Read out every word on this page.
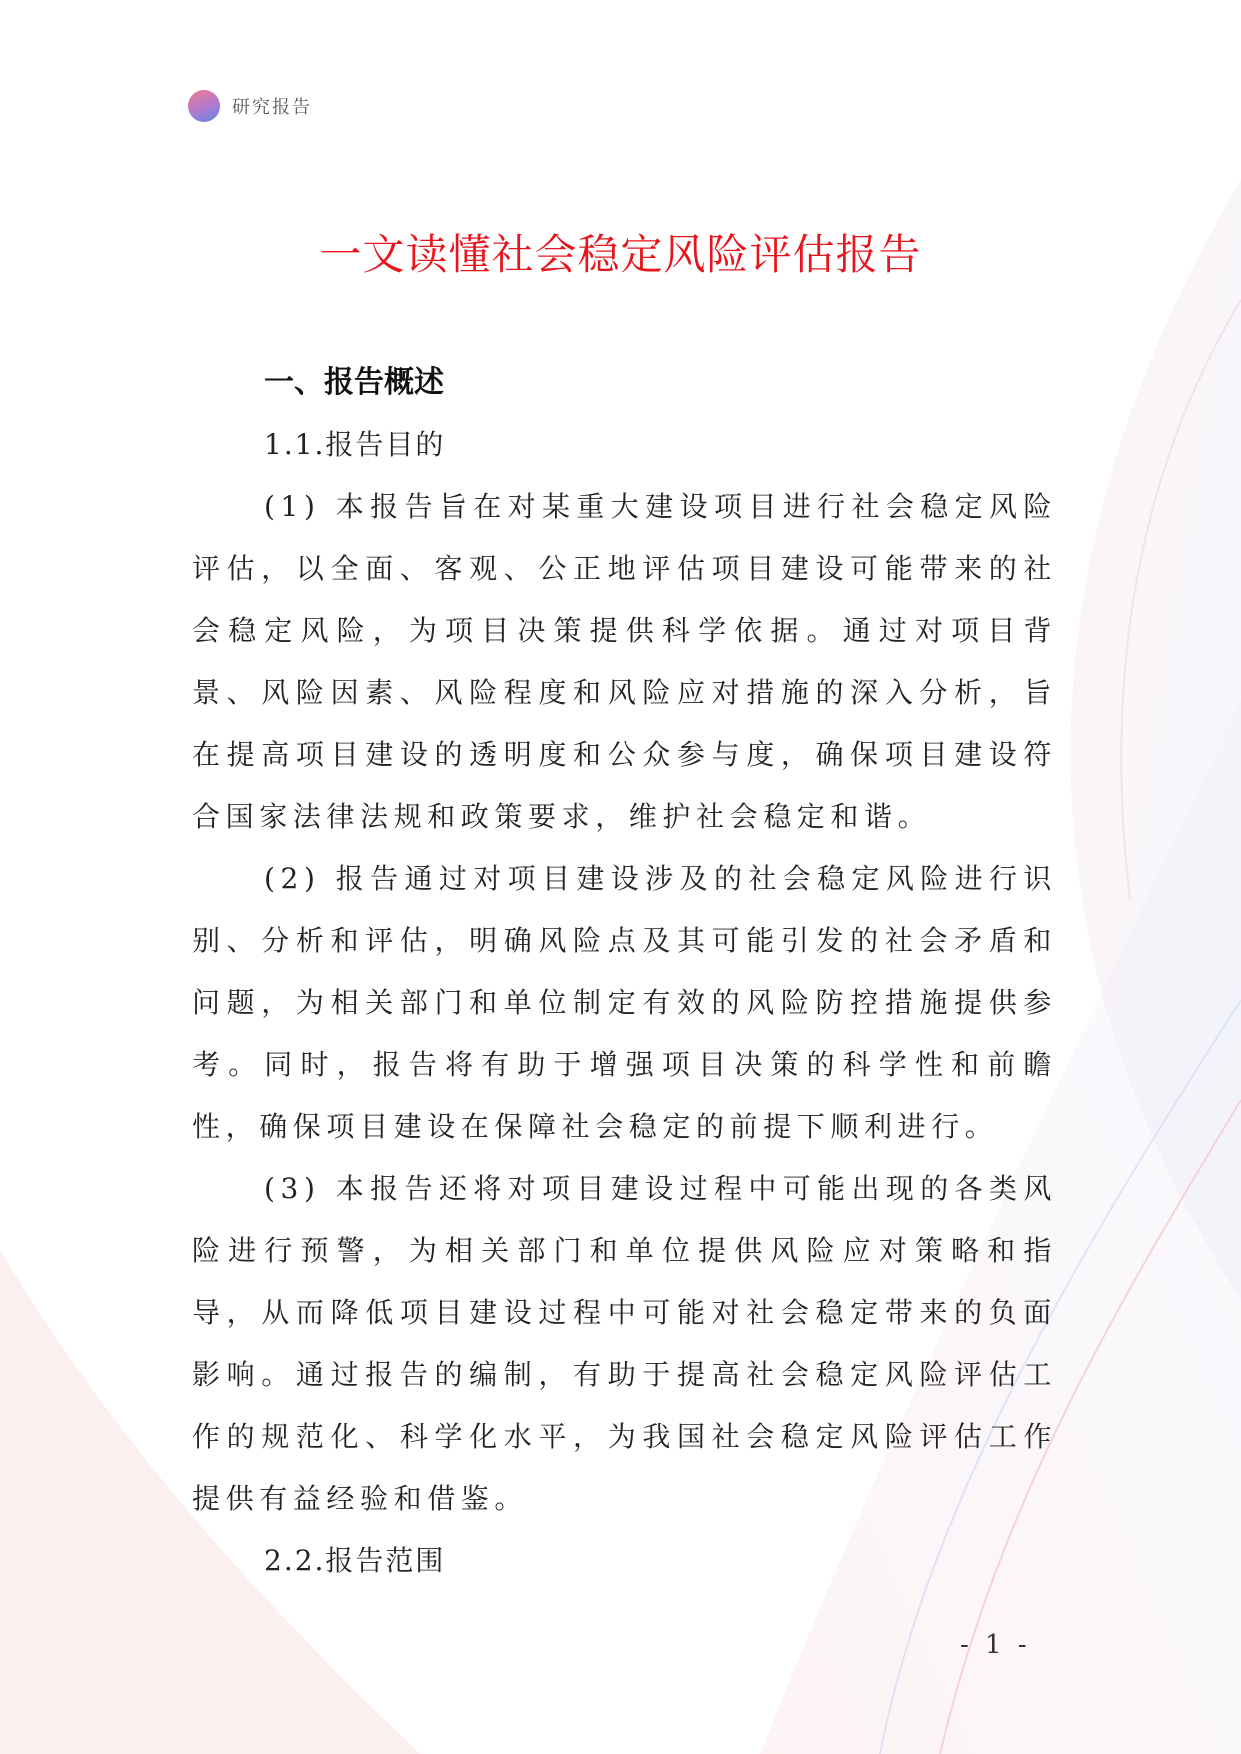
研究报告
一文读懂社会稳定风险评估报告
一、报告概述
1.1.报告目的

(1) 本报告旨在对某重大建设项目进行社会稳定风险评估，以全面、客观、公正地评估项目建设可能带来的社会稳定风险，为项目决策提供科学依据。通过对项目背景、风险因素、风险程度和风险应对措施的深入分析，旨在提高项目建设的透明度和公众参与度，确保项目建设符合国家法律法规和政策要求，维护社会稳定和谐。

(2) 报告通过对项目建设涉及的社会稳定风险进行识别、分析和评估，明确风险点及其可能引发的社会矛盾和问题，为相关部门和单位制定有效的风险防控措施提供参考。同时，报告将有助于增强项目决策的科学性和前瞻性，确保项目建设在保障社会稳定的前提下顺利进行。

(3) 本报告还将对项目建设过程中可能出现的各类风险进行预警，为相关部门和单位提供风险应对策略和指导，从而降低项目建设过程中可能对社会稳定带来的负面影响。通过报告的编制，有助于提高社会稳定风险评估工作的规范化、科学化水平，为我国社会稳定风险评估工作提供有益经验和借鉴。

2.2.报告范围
- 1 -
